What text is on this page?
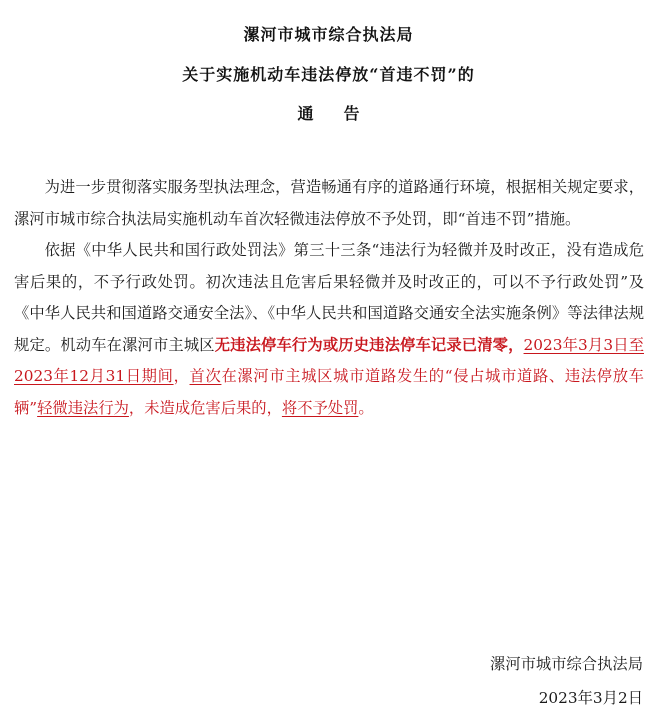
漯河市城市综合执法局
关于实施机动车违法停放“首违不罚”的
通告

为进一步贯彻落实服务型执法理念，营造畅通有序的道路通行环境，根据相关规定要求，漯河市城市综合执法局实施机动车首次轻微违法停放不予处罚，即“首违不罚”措施。

依据《中华人民共和国行政处罚法》第三十三条“违法行为轻微并及时改正，没有造成危害后果的，不予行政处罚。初次违法且危害后果轻微并及时改正的，可以不予行政处罚”及《中华人民共和国道路交通安全法》、《中华人民共和国道路交通安全法实施条例》等法律法规规定。机动车在漯河市主城区无违法停车行为或历史违法停车记录已清零，2023年3月3日至2023年12月31日期间，首次在漯河市主城区城市道路发生的“侵占城市道路、违法停放车辆”轻微违法行为，未造成危害后果的，将不予处罚。

漯河市城市综合执法局
2023年3月2日
